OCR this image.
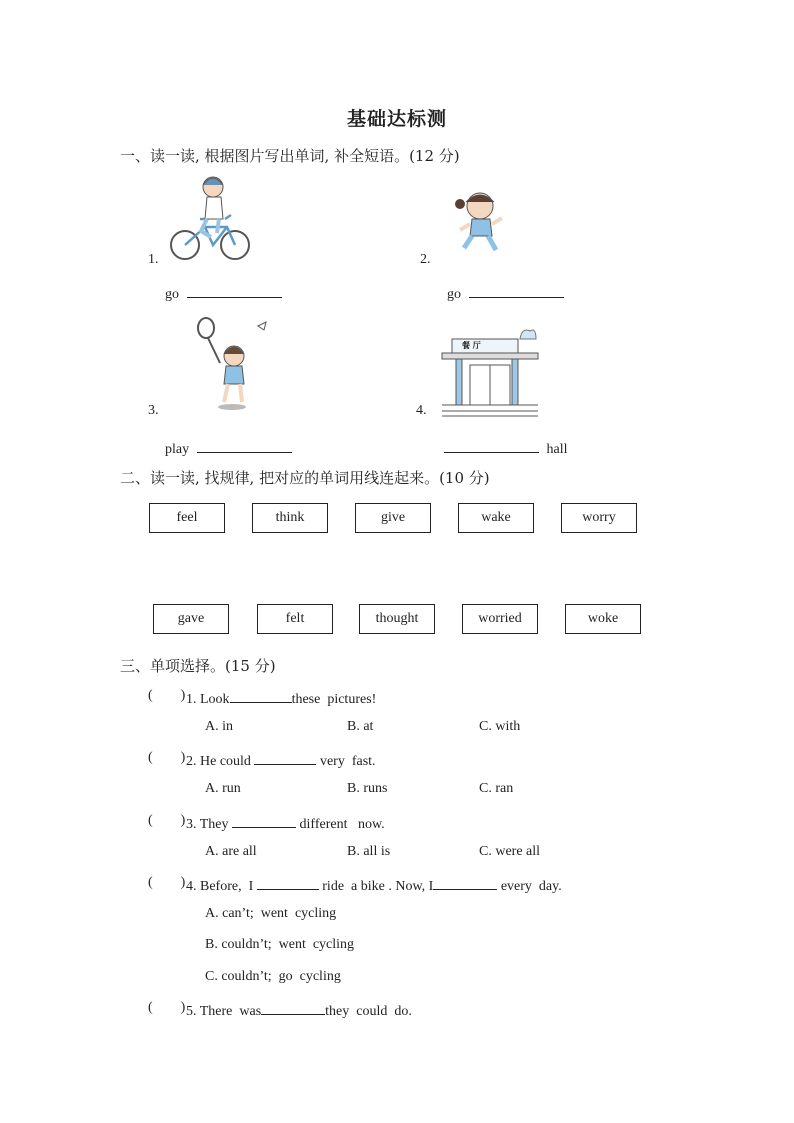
基础达标测
一、读一读, 根据图片写出单词, 补全短语。(12 分)
1.
go
2.
go
3.
play
餐 厅
4.
hall
二、读一读, 找规律, 把对应的单词用线连起来。(10 分)
feel	think	give	wake	worry
gave	felt	thought	worried	woke
三、单项选择。(15 分)
(        ) 1. Look	these  pictures!
A. in	B. at	C. with
(        ) 2. He could	very  fast.
A. run	B. runs	C. ran
(        ) 3. They	different   now.
A. are all	B. all is	C. were all
(        ) 4. Before,  I	ride  a bike . Now, I	every  day.
A. can’t;  went  cycling
B. couldn’t;  went  cycling
C. couldn’t;  go  cycling
(        ) 5. There  was	they  could  do.
